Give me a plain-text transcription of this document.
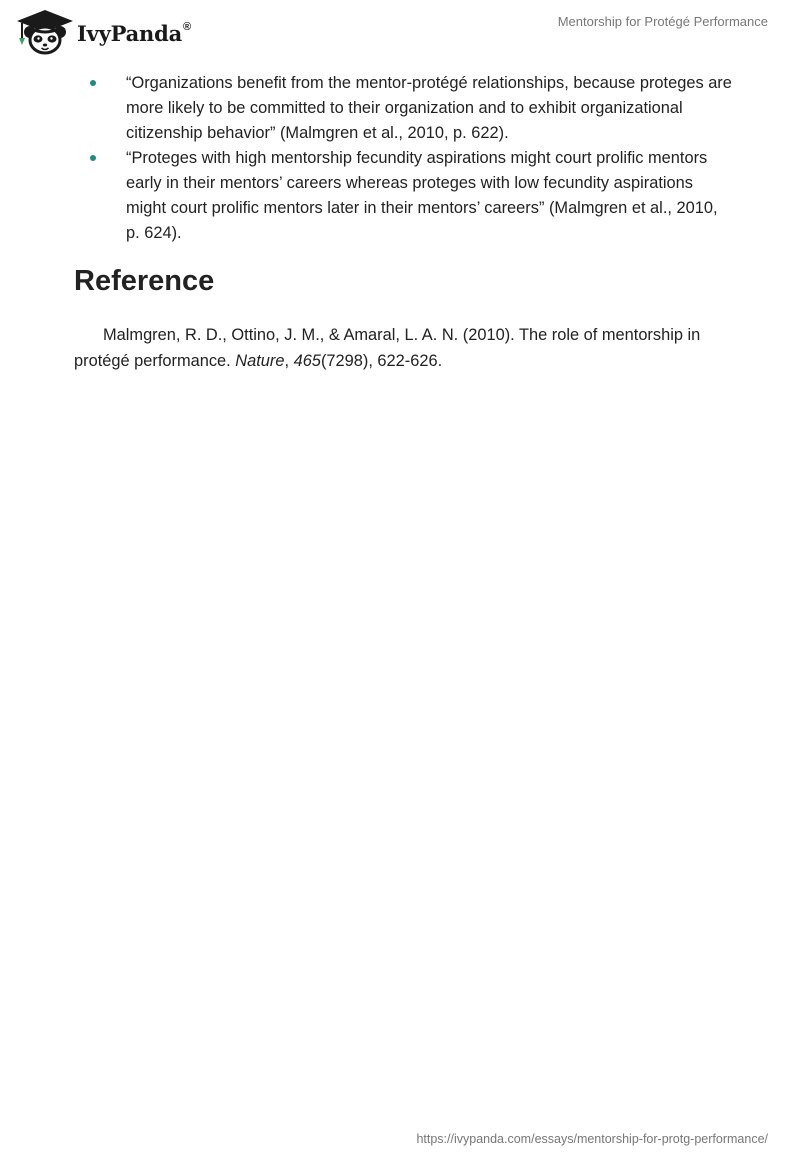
IvyPanda®	Mentorship for Protégé Performance
“Organizations benefit from the mentor-protégé relationships, because proteges are more likely to be committed to their organization and to exhibit organizational citizenship behavior” (Malmgren et al., 2010, p. 622).
“Proteges with high mentorship fecundity aspirations might court prolific mentors early in their mentors’ careers whereas proteges with low fecundity aspirations might court prolific mentors later in their mentors’ careers” (Malmgren et al., 2010, p. 624).
Reference

Malmgren, R. D., Ottino, J. M., & Amaral, L. A. N. (2010). The role of mentorship in protégé performance. Nature, 465(7298), 622-626.

https://ivypanda.com/essays/mentorship-for-protg-performance/
